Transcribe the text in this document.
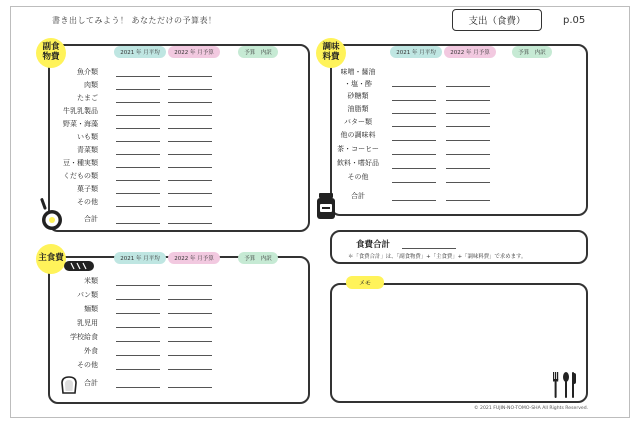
書き出してみよう！ あなただけの予算表！	支出（食費）	p.05
副食
物費	2021 年 月平均	2022 年 月予算	予算　内訳
魚介類
肉類
たまご
牛乳乳製品
野菜・海藻
いも類
青菜類
豆・種実類
くだもの類
菓子類
その他
合計
主食費	2021 年 月平均	2022 年 月予算	予算　内訳
米類
パン類
麺類
乳児用
学校給食
外食
その他
合計
調味
料費	2021 年 月平均	2022 年 月予算	予算　内訳
味噌・醤油
・塩・酢
砂糖類
油脂類
バター類
他の調味料
茶・コーヒー
飲料・嗜好品
その他
合計
食費合計
＊「食費合計」は、「副食物費」+「主食費」+「調味料費」で求めます。
メモ
© 2021 FUJIN-NO-TOMO-SHA All Rights Reserved.
